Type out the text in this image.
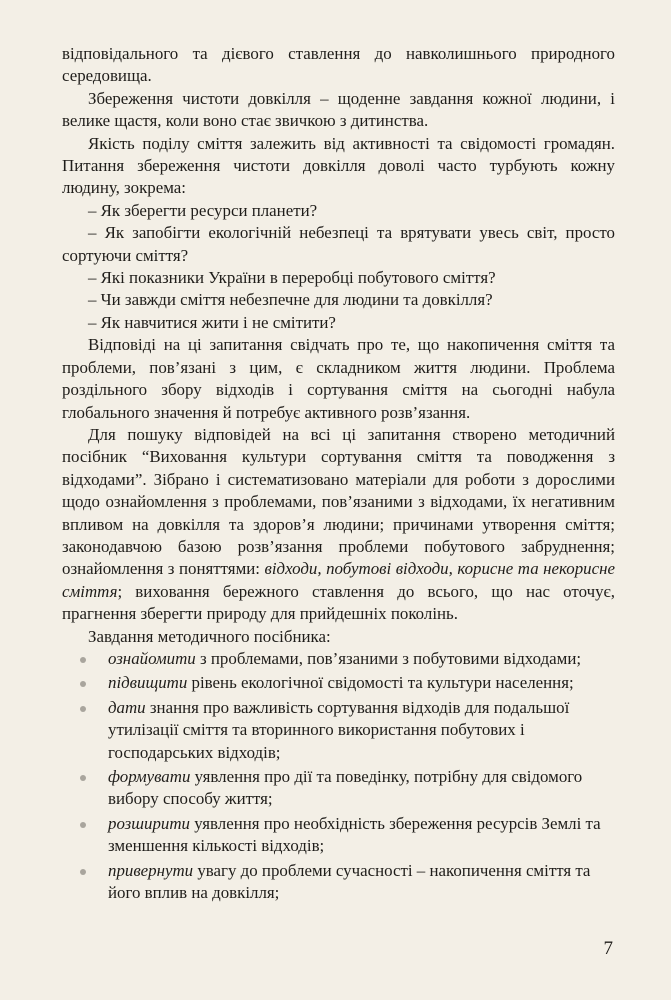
відповідального та дієвого ставлення до навколишнього природного середовища.

Збереження чистоти довкілля – щоденне завдання кожної людини, і велике щастя, коли воно стає звичкою з дитинства.

Якість поділу сміття залежить від активності та свідомості громадян. Питання збереження чистоти довкілля доволі часто турбують кожну людину, зокрема:

– Як зберегти ресурси планети?

– Як запобігти екологічній небезпеці та врятувати увесь світ, просто сортуючи сміття?

– Які показники України в переробці побутового сміття?

– Чи завжди сміття небезпечне для людини та довкілля?

– Як навчитися жити і не смітити?

Відповіді на ці запитання свідчать про те, що накопичення сміття та проблеми, пов’язані з цим, є складником життя людини. Проблема роздільного збору відходів і сортування сміття на сьогодні набула глобального значення й потребує активного розв’язання.

Для пошуку відповідей на всі ці запитання створено методичний посібник “Виховання культури сортування сміття та поводження з відходами”. Зібрано і систематизовано матеріали для роботи з дорослими щодо ознайомлення з проблемами, пов’язаними з відходами, їх негативним впливом на довкілля та здоров’я людини; причинами утворення сміття; законодавчою базою розв’язання проблеми побутового забруднення; ознайомлення з поняттями: відходи, побутові відходи, корисне та некорисне сміття; виховання бережного ставлення до всього, що нас оточує, прагнення зберегти природу для прийдешніх поколінь.

Завдання методичного посібника:

ознайомити з проблемами, пов’язаними з побутовими відходами;
підвищити рівень екологічної свідомості та культури населення;
дати знання про важливість сортування відходів для подальшої утилізації сміття та вторинного використання побутових і господарських відходів;
формувати уявлення про дії та поведінку, потрібну для свідомого вибору способу життя;
розширити уявлення про необхідність збереження ресурсів Землі та зменшення кількості відходів;
привернути увагу до проблеми сучасності – накопичення сміття та його вплив на довкілля;
7
